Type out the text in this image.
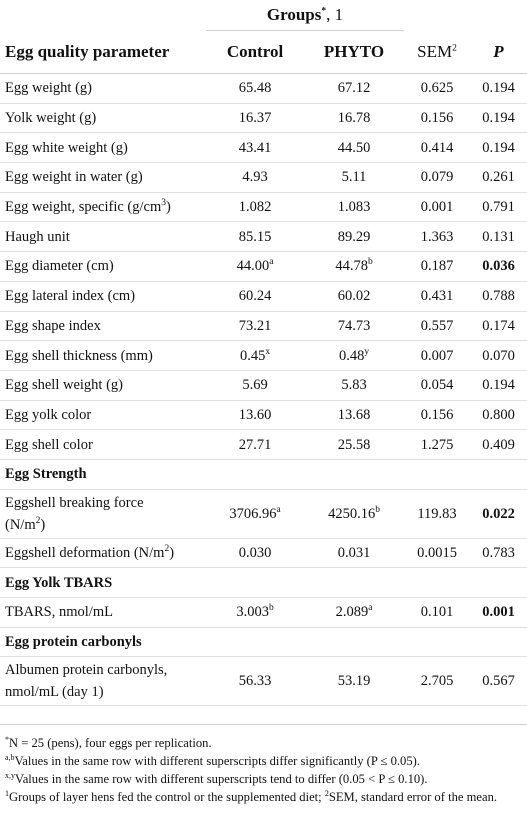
	Groups*, 1			
Egg quality parameter	Control	PHYTO	SEM$^2$	P
Egg weight (g)	65.48	67.12	0.625	0.194
Yolk weight (g)	16.37	16.78	0.156	0.194
Egg white weight (g)	43.41	44.50	0.414	0.194
Egg weight in water (g)	4.93	5.11	0.079	0.261
Egg weight, specific $(g/cm^3)$	1.082	1.083	0.001	0.791
Haugh unit	85.15	89.29	1.363	0.131
Egg diameter (cm)	44.00$^a$	44.78$^b$	0.187	0.036
Egg lateral index (cm)	60.24	60.02	0.431	0.788
Egg shape index	73.21	74.73	0.557	0.174
Egg shell thickness (mm)	0.45$^x$	0.48$^y$	0.007	0.070
Egg shell weight (g)	5.69	5.83	0.054	0.194
Egg yolk color	13.60	13.68	0.156	0.800
Egg shell color	27.71	25.58	1.275	0.409
Egg Strength				
Eggshell breaking force
$(N/m^2)$	3706.96$^a$	4250.16$^b$	119.83	0.022
Eggshell deformation $(N/m^2)$	0.030	0.031	0.0015	0.783
Egg Yolk TBARS				
TBARS, nmol/mL	3.003$^b$	2.089$^a$	0.101	0.001
Egg protein carbonyls				
Albumen protein carbonyls,
nmol/mL (day 1)	56.33	53.19	2.705	0.567

*N = 25 (pens), four eggs per replication.

$^{a,b}$Values in the same row with different superscripts differ significantly (P ≤ 0.05).

$^{x,y}$Values in the same row with different superscripts tend to differ (0.05 < P ≤ 0.10).

$^1$Groups of layer hens fed the control or the supplemented diet; $^2$SEM, standard error of the mean.
